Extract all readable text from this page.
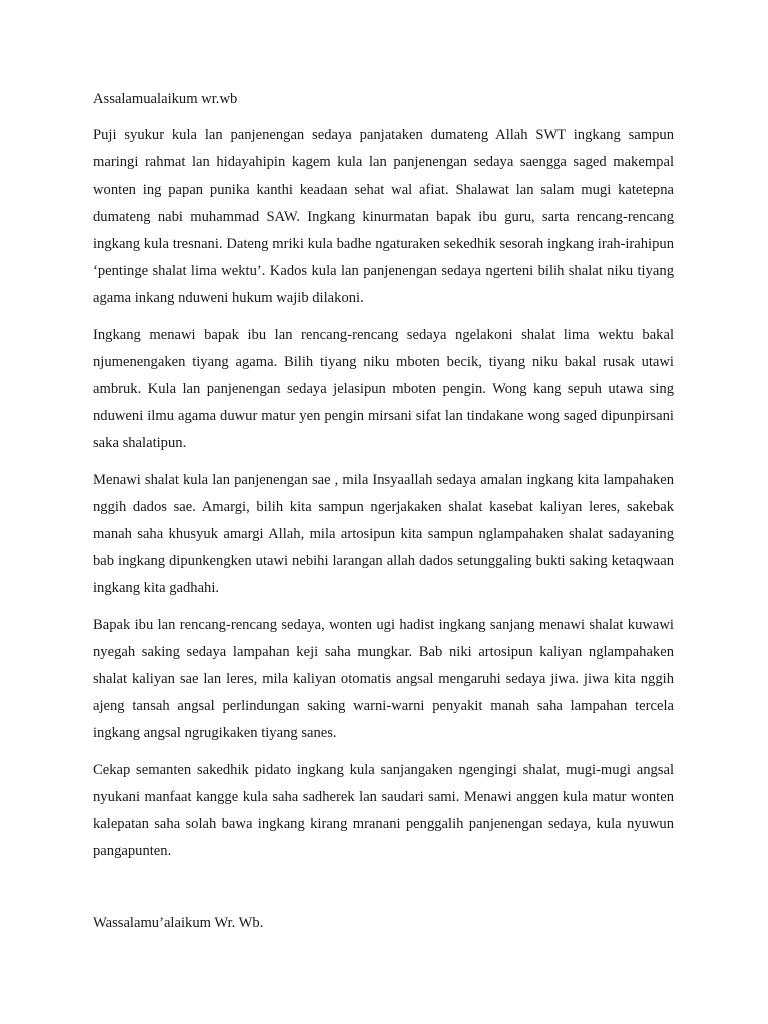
Assalamualaikum wr.wb

Puji syukur kula lan panjenengan sedaya panjataken dumateng Allah SWT ingkang sampun maringi rahmat lan hidayahipin kagem kula lan panjenengan sedaya saengga saged makempal wonten ing papan punika kanthi keadaan sehat wal afiat. Shalawat lan salam mugi katetepna dumateng nabi muhammad SAW. Ingkang kinurmatan bapak ibu guru, sarta rencang-rencang ingkang kula tresnani. Dateng mriki kula badhe ngaturaken sekedhik sesorah ingkang irah-irahipun ‘pentinge shalat lima wektu’. Kados kula lan panjenengan sedaya ngerteni bilih shalat niku tiyang agama inkang nduweni hukum wajib dilakoni.

Ingkang menawi bapak ibu lan rencang-rencang sedaya ngelakoni shalat lima wektu bakal njumenengaken tiyang agama. Bilih tiyang niku mboten becik, tiyang niku bakal rusak utawi ambruk. Kula lan panjenengan sedaya jelasipun mboten pengin. Wong kang sepuh utawa sing nduweni ilmu agama duwur matur yen pengin mirsani sifat lan tindakane wong saged dipunpirsani saka shalatipun.

Menawi shalat kula lan panjenengan sae , mila Insyaallah sedaya amalan ingkang kita lampahaken nggih dados sae. Amargi, bilih kita sampun ngerjakaken shalat kasebat kaliyan leres, sakebak manah saha khusyuk amargi Allah, mila artosipun kita sampun nglampahaken shalat sadayaning bab ingkang dipunkengken utawi nebihi larangan allah dados setunggaling bukti saking ketaqwaan ingkang kita gadhahi.

Bapak ibu lan rencang-rencang sedaya, wonten ugi hadist ingkang sanjang menawi shalat kuwawi nyegah saking sedaya lampahan keji saha mungkar. Bab niki artosipun kaliyan nglampahaken shalat kaliyan sae lan leres, mila kaliyan otomatis angsal mengaruhi sedaya jiwa. jiwa kita nggih ajeng tansah angsal perlindungan saking warni-warni penyakit manah saha lampahan tercela ingkang angsal ngrugikaken tiyang sanes.

Cekap semanten sakedhik pidato ingkang kula sanjangaken ngengingi shalat, mugi-mugi angsal nyukani manfaat kangge kula saha sadherek lan saudari sami. Menawi anggen kula matur wonten kalepatan saha solah bawa ingkang kirang mranani penggalih panjenengan sedaya, kula nyuwun pangapunten.

Wassalamu’alaikum Wr. Wb.
